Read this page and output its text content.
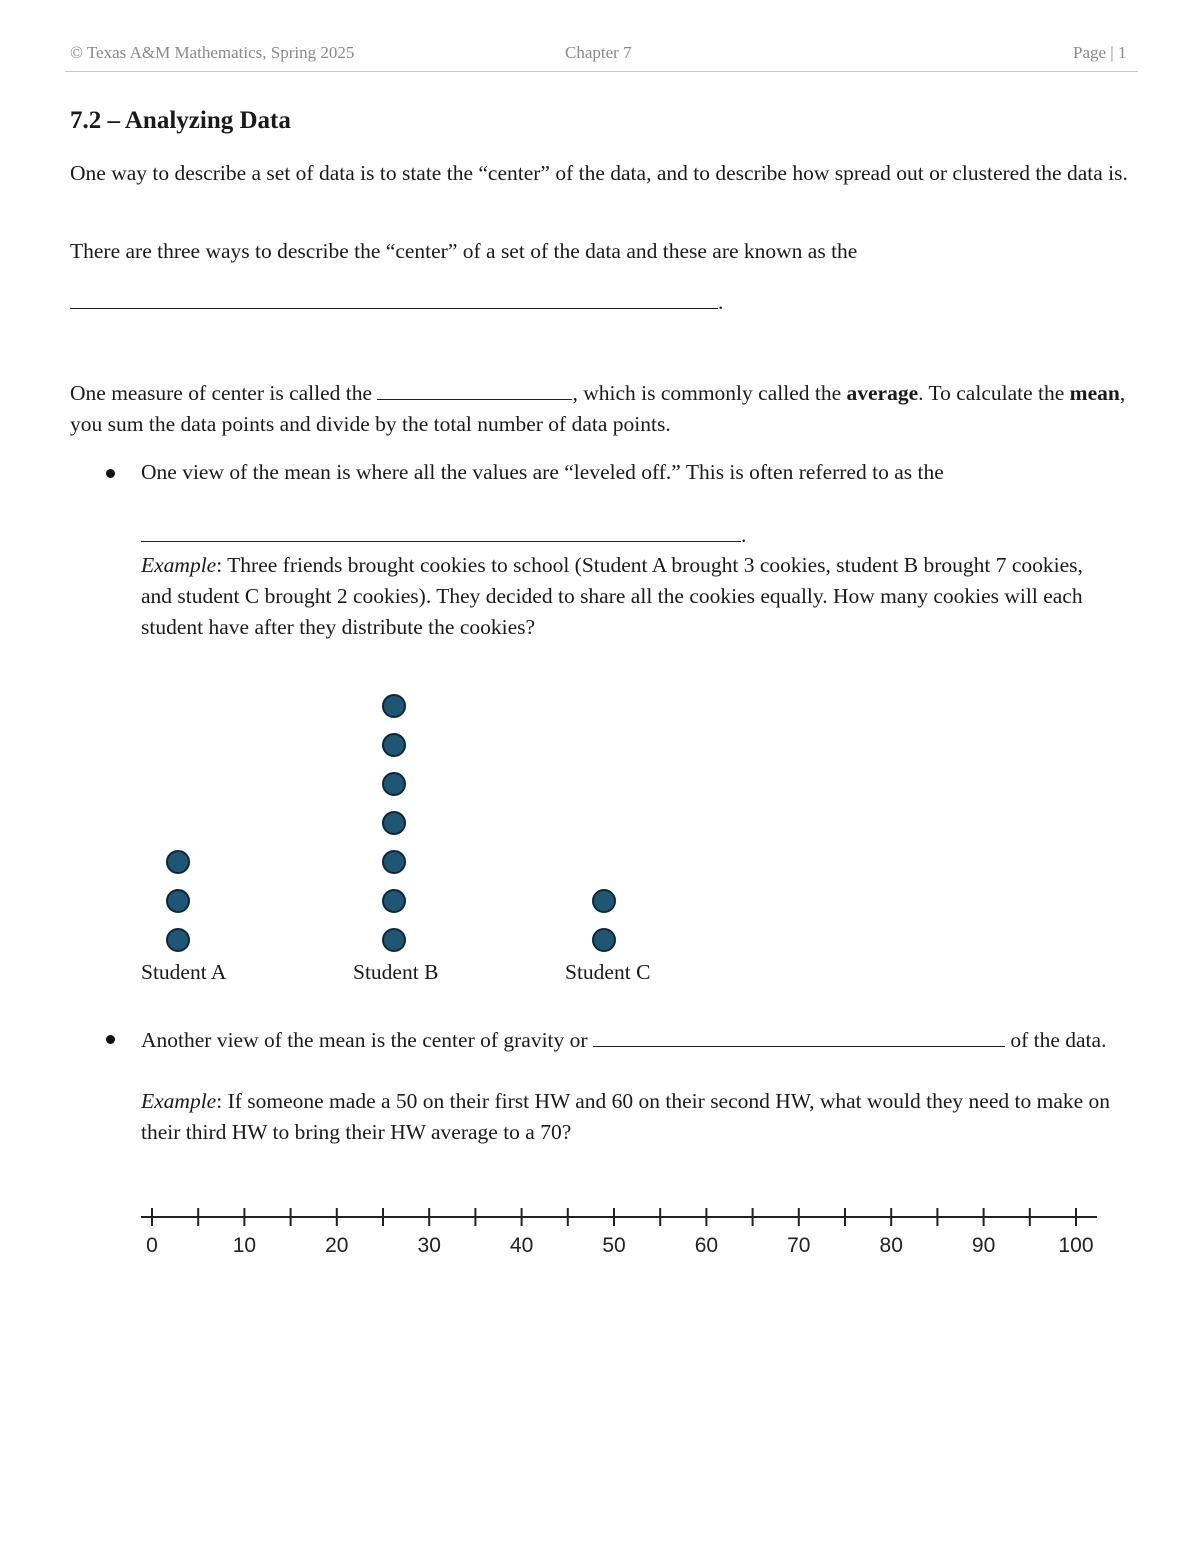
© Texas A&M Mathematics, Spring 2025	Chapter 7	Page | 1
7.2 – Analyzing Data
One way to describe a set of data is to state the “center” of the data, and to describe how spread out or clustered the data is.
There are three ways to describe the “center” of a set of the data and these are known as the
.
One measure of center is called the	, which is commonly called the average. To calculate the mean, you sum the data points and divide by the total number of data points.
One view of the mean is where all the values are “leveled off.” This is often referred to as the
.
Example: Three friends brought cookies to school (Student A brought 3 cookies, student B brought 7 cookies, and student C brought 2 cookies). They decided to share all the cookies equally. How many cookies will each student have after they distribute the cookies?
Student A	Student B	Student C
Another view of the mean is the center of gravity or	of the data.
Example: If someone made a 50 on their first HW and 60 on their second HW, what would they need to make on their third HW to bring their HW average to a 70?
0	10	20	30	40	50	60	70	80	90	100
